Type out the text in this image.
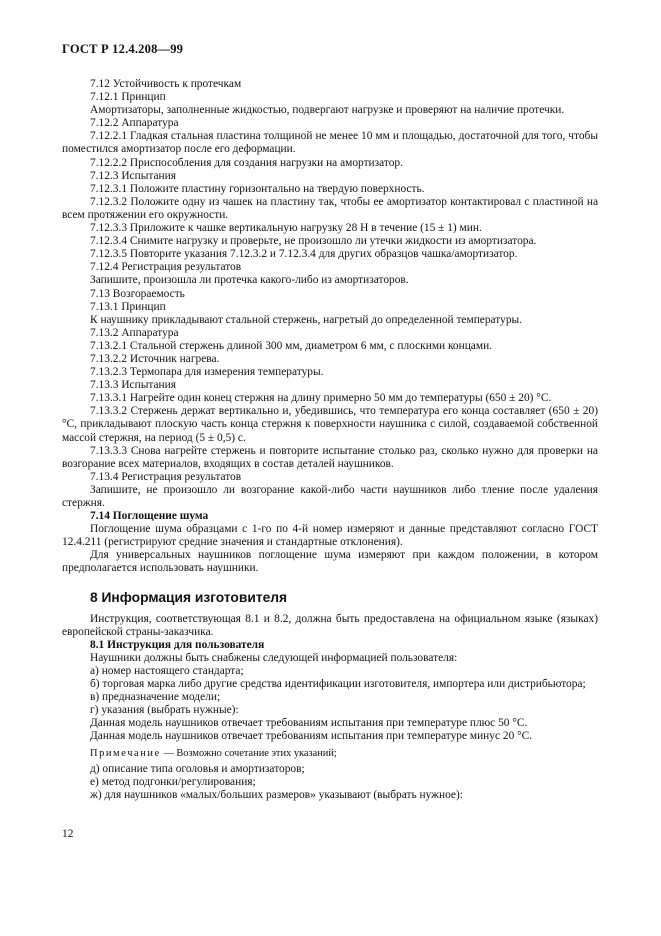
ГОСТ Р 12.4.208—99

7.12 Устойчивость к протечкам

7.12.1 Принцип

Амортизаторы, заполненные жидкостью, подвергают нагрузке и проверяют на наличие протечки.

7.12.2 Аппаратура

7.12.2.1 Гладкая стальная пластина толщиной не менее 10 мм и площадью, достаточной для того, чтобы поместился амортизатор после его деформации.

7.12.2.2 Приспособления для создания нагрузки на амортизатор.

7.12.3 Испытания

7.12.3.1 Положите пластину горизонтально на твердую поверхность.

7.12.3.2 Положите одну из чашек на пластину так, чтобы ее амортизатор контактировал с пластиной на всем протяжении его окружности.

7.12.3.3 Приложите к чашке вертикальную нагрузку 28 Н в течение (15 ± 1) мин.

7.12.3.4 Снимите нагрузку и проверьте, не произошло ли утечки жидкости из амортизатора.

7.12.3.5 Повторите указания 7.12.3.2 и 7.12.3.4 для других образцов чашка/амортизатор.

7.12.4 Регистрация результатов

Запишите, произошла ли протечка какого-либо из амортизаторов.

7.13 Возгораемость

7.13.1 Принцип

К наушнику прикладывают стальной стержень, нагретый до определенной температуры.

7.13.2 Аппаратура

7.13.2.1 Стальной стержень длиной 300 мм, диаметром 6 мм, с плоскими концами.

7.13.2.2 Источник нагрева.

7.13.2.3 Термопара для измерения температуры.

7.13.3 Испытания

7.13.3.1 Нагрейте один конец стержня на длину примерно 50 мм до температуры (650 ± 20) °С.

7.13.3.2 Стержень держат вертикально и, убедившись, что температура его конца составляет (650 ± 20) °С, прикладывают плоскую часть конца стержня к поверхности наушника с силой, создаваемой собственной массой стержня, на период (5 ± 0,5) с.

7.13.3.3 Снова нагрейте стержень и повторите испытание столько раз, сколько нужно для проверки на возгорание всех материалов, входящих в состав деталей наушников.

7.13.4 Регистрация результатов

Запишите, не произошло ли возгорание какой-либо части наушников либо тление после удаления стержня.

7.14 Поглощение шума

Поглощение шума образцами с 1-го по 4-й номер измеряют и данные представляют согласно ГОСТ 12.4.211 (регистрируют средние значения и стандартные отклонения).

Для универсальных наушников поглощение шума измеряют при каждом положении, в котором предполагается использовать наушники.

8 Информация изготовителя

Инструкция, соответствующая 8.1 и 8.2, должна быть предоставлена на официальном языке (языках) европейской страны-заказчика.

8.1 Инструкция для пользователя

Наушники должны быть снабжены следующей информацией пользователя:

а) номер настоящего стандарта;

б) торговая марка либо другие средства идентификации изготовителя, импортера или дистрибьютора;

в) предназначение модели;

г) указания (выбрать нужные):

Данная модель наушников отвечает требованиям испытания при температуре плюс 50 °С.

Данная модель наушников отвечает требованиям испытания при температуре минус 20 °С.

Примечание — Возможно сочетание этих указаний;

д) описание типа оголовья и амортизаторов;

е) метод подгонки/регулирования;

ж) для наушников «малых/больших размеров» указывают (выбрать нужное):

12
